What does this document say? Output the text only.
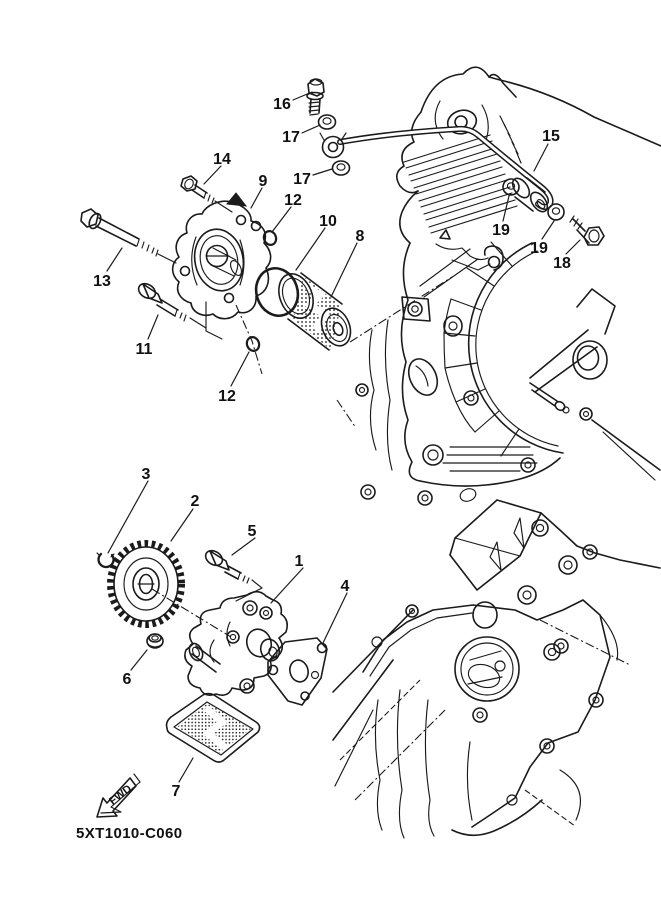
16
17
17
14
9
12
10
8
15
19
19
18
13
11
12
3
2
5
1
4
6
7
FWD
5XT1010-C060
